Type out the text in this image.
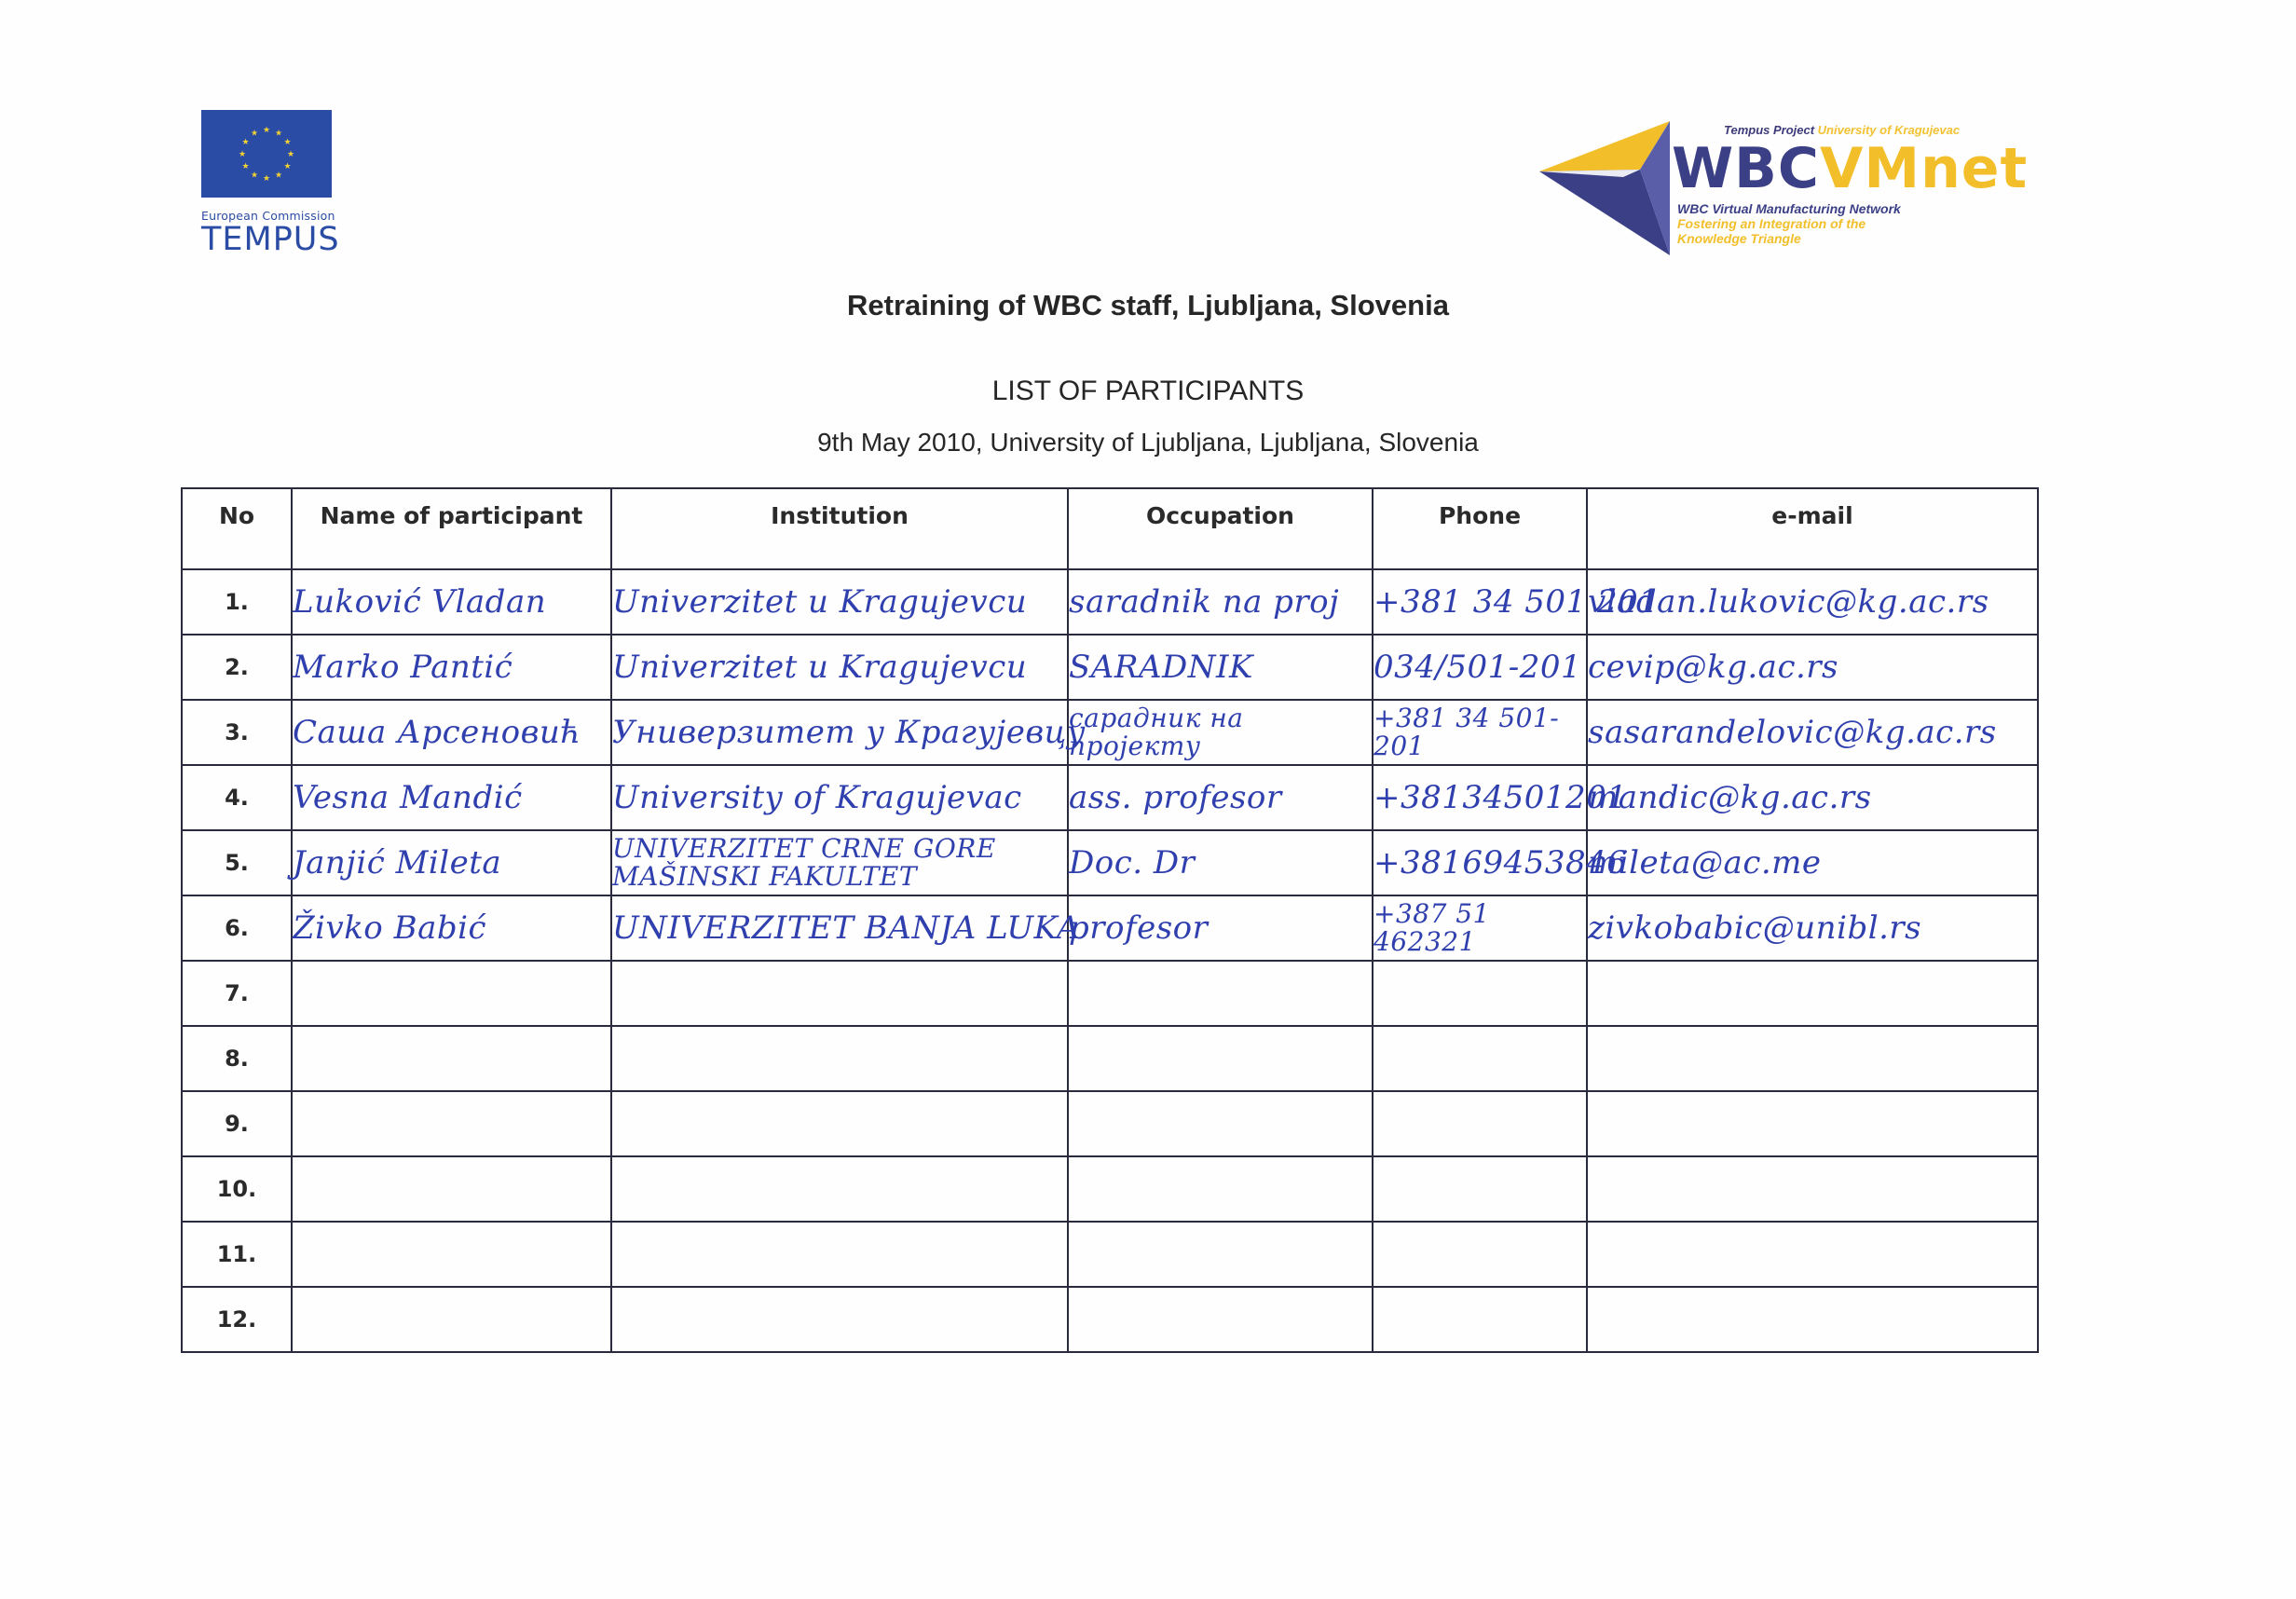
★ ★
★
★
★
★
★
★
★
★
★
★
European Commission
TEMPUS
Tempus Project University of Kragujevac
WBCVMnet
WBC Virtual Manufacturing Network
Fostering an Integration of the
Knowledge Triangle
Retraining of WBC staff, Ljubljana, Slovenia
LIST OF PARTICIPANTS
9th May 2010, University of Ljubljana, Ljubljana, Slovenia
No	Name of participant	Institution	Occupation	Phone	e-mail
1.	Luković Vladan	Univerzitet u Kragujevcu	saradnik na proj	+381 34 501 201	vladan.lukovic@kg.ac.rs
2.	Marko Pantić	Univerzitet u Kragujevcu	SARADNIK	034/501-201	cevip@kg.ac.rs
3.	Саша Арсеновић	Универзитет у Крагујевцу	сарадник на пројекту	+381 34 501-201	sasarandelovic@kg.ac.rs
4.	Vesna Mandić	University of Kragujevac	ass. profesor	+38134501201	mandic@kg.ac.rs
5.	Janjić Mileta	UNIVERZITET CRNE GORE MAŠINSKI FAKULTET	Doc. Dr	+38169453846	mileta@ac.me
6.	Živko Babić	UNIVERZITET BANJA LUKA	profesor	+387 51 462321	zivkobabic@unibl.rs
7.					
8.					
9.					
10.					
11.					
12.					
